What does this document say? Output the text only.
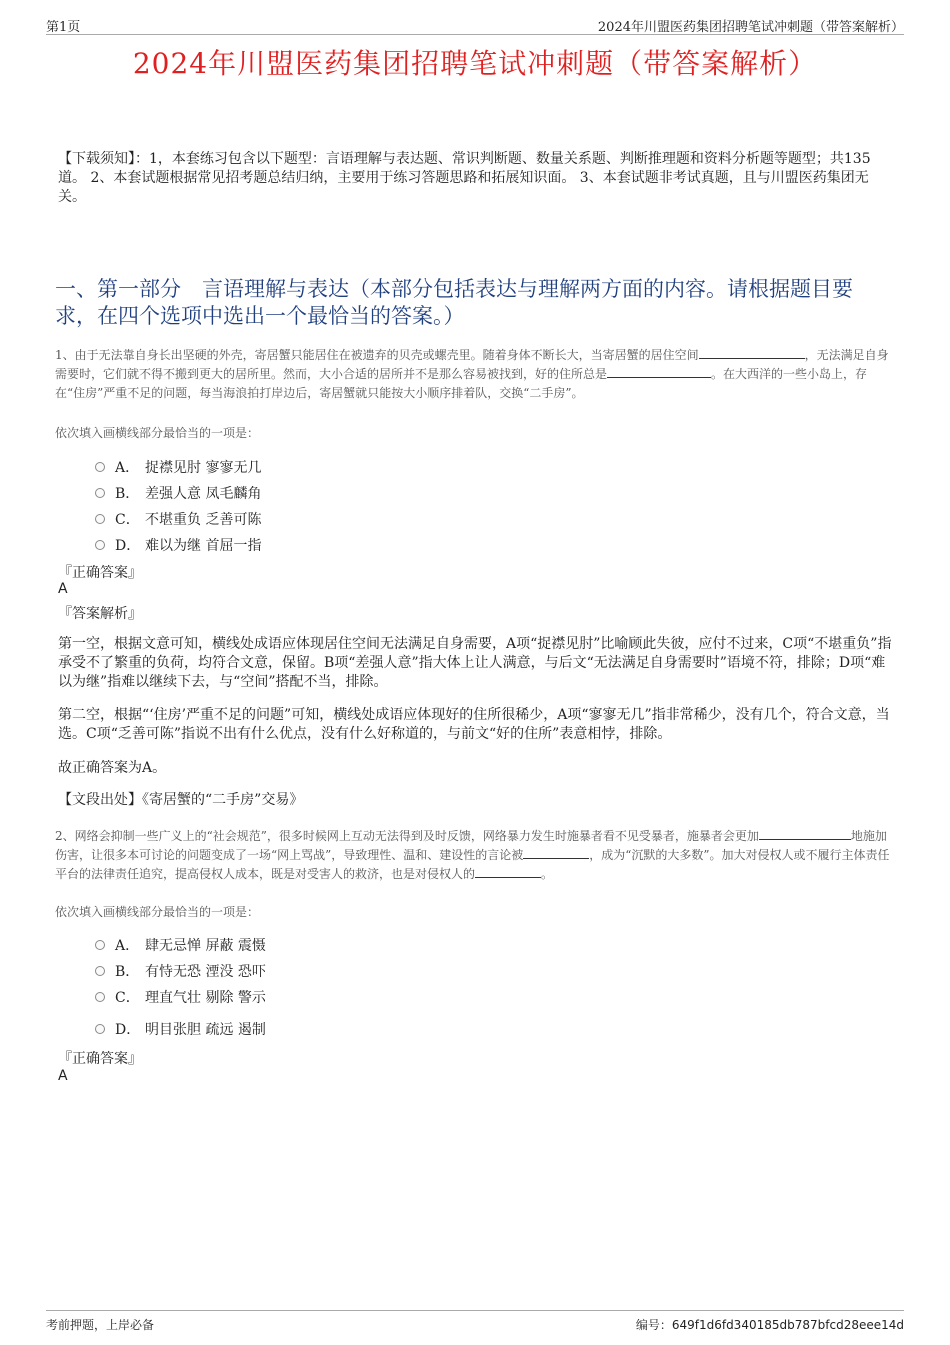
第1页	2024年川盟医药集团招聘笔试冲刺题（带答案解析）
2024年川盟医药集团招聘笔试冲刺题（带答案解析）
【下载须知】：1，本套练习包含以下题型：言语理解与表达题、常识判断题、数量关系题、判断推理题和资料分析题等题型；共135道。 2、本套试题根据常见招考题总结归纳，主要用于练习答题思路和拓展知识面。 3、本套试题非考试真题，且与川盟医药集团无关。
一、第一部分　言语理解与表达（本部分包括表达与理解两方面的内容。请根据题目要求，在四个选项中选出一个最恰当的答案。）
1、由于无法靠自身长出坚硬的外壳，寄居蟹只能居住在被遗弃的贝壳或螺壳里。随着身体不断长大，当寄居蟹的居住空间	，无法满足自身需要时，它们就不得不搬到更大的居所里。然而，大小合适的居所并不是那么容易被找到，好的住所总是	。在大西洋的一些小岛上，存在“住房”严重不足的问题，每当海浪拍打岸边后，寄居蟹就只能按大小顺序排着队，交换“二手房”。
依次填入画横线部分最恰当的一项是：
A． 捉襟见肘 寥寥无几
B． 差强人意 凤毛麟角
C． 不堪重负 乏善可陈
D． 难以为继 首屈一指
『正确答案』
A
『答案解析』
第一空，根据文意可知，横线处成语应体现居住空间无法满足自身需要，A项“捉襟见肘”比喻顾此失彼，应付不过来，C项“不堪重负”指承受不了繁重的负荷，均符合文意，保留。B项“差强人意”指大体上让人满意，与后文“无法满足自身需要时”语境不符，排除；D项“难以为继”指难以继续下去，与“空间”搭配不当，排除。
第二空，根据“‘住房’严重不足的问题”可知，横线处成语应体现好的住所很稀少，A项“寥寥无几”指非常稀少，没有几个，符合文意，当选。C项“乏善可陈”指说不出有什么优点，没有什么好称道的，与前文“好的住所”表意相悖，排除。
故正确答案为A。
【文段出处】《寄居蟹的“二手房”交易》
2、网络会抑制一些广义上的“社会规范”，很多时候网上互动无法得到及时反馈，网络暴力发生时施暴者看不见受暴者，施暴者会更加	地施加伤害，让很多本可讨论的问题变成了一场“网上骂战”，导致理性、温和、建设性的言论被	，成为“沉默的大多数”。加大对侵权人或不履行主体责任平台的法律责任追究，提高侵权人成本，既是对受害人的救济，也是对侵权人的	。
依次填入画横线部分最恰当的一项是：
A． 肆无忌惮 屏蔽 震慑
B． 有恃无恐 湮没 恐吓
C． 理直气壮 剔除 警示
D． 明目张胆 疏远 遏制
『正确答案』
A
考前押题，上岸必备	编号：649f1d6fd340185db787bfcd28eee14d
